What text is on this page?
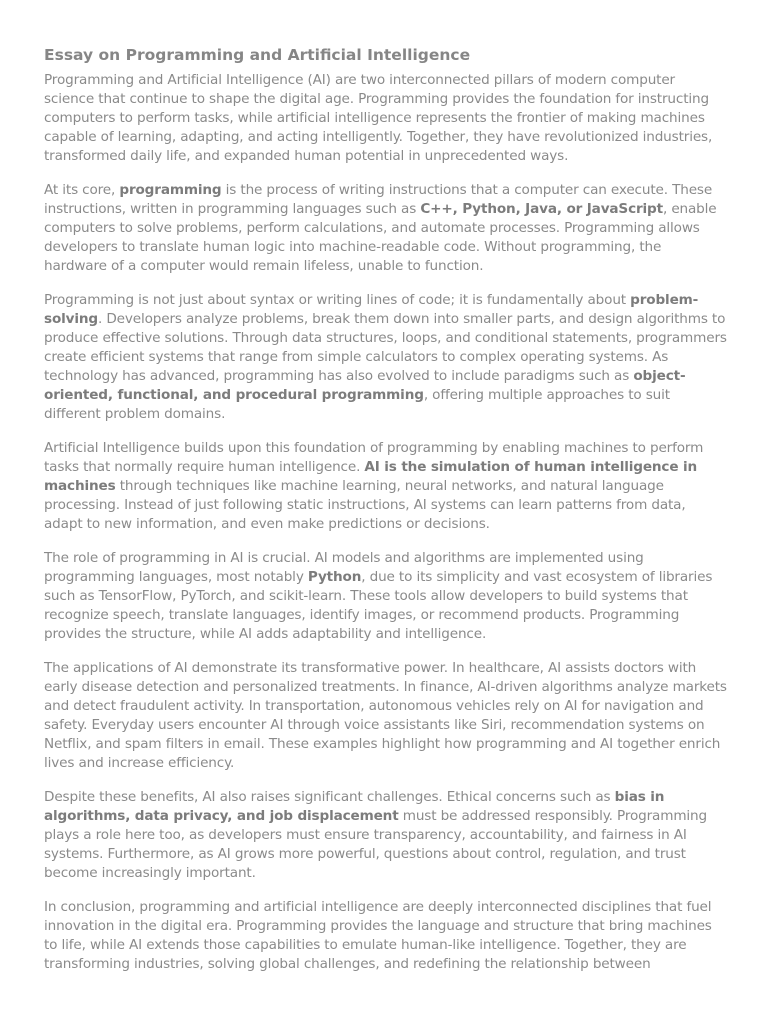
Essay on Programming and Artificial Intelligence

Programming and Artificial Intelligence (AI) are two interconnected pillars of modern computer science that continue to shape the digital age. Programming provides the foundation for instructing computers to perform tasks, while artificial intelligence represents the frontier of making machines capable of learning, adapting, and acting intelligently. Together, they have revolutionized industries, transformed daily life, and expanded human potential in unprecedented ways.

At its core, programming is the process of writing instructions that a computer can execute. These instructions, written in programming languages such as C++, Python, Java, or JavaScript, enable computers to solve problems, perform calculations, and automate processes. Programming allows developers to translate human logic into machine-readable code. Without programming, the hardware of a computer would remain lifeless, unable to function.

Programming is not just about syntax or writing lines of code; it is fundamentally about problem-solving. Developers analyze problems, break them down into smaller parts, and design algorithms to produce effective solutions. Through data structures, loops, and conditional statements, programmers create efficient systems that range from simple calculators to complex operating systems. As technology has advanced, programming has also evolved to include paradigms such as object-oriented, functional, and procedural programming, offering multiple approaches to suit different problem domains.

Artificial Intelligence builds upon this foundation of programming by enabling machines to perform tasks that normally require human intelligence. AI is the simulation of human intelligence in machines through techniques like machine learning, neural networks, and natural language processing. Instead of just following static instructions, AI systems can learn patterns from data, adapt to new information, and even make predictions or decisions.

The role of programming in AI is crucial. AI models and algorithms are implemented using programming languages, most notably Python, due to its simplicity and vast ecosystem of libraries such as TensorFlow, PyTorch, and scikit-learn. These tools allow developers to build systems that recognize speech, translate languages, identify images, or recommend products. Programming provides the structure, while AI adds adaptability and intelligence.

The applications of AI demonstrate its transformative power. In healthcare, AI assists doctors with early disease detection and personalized treatments. In finance, AI-driven algorithms analyze markets and detect fraudulent activity. In transportation, autonomous vehicles rely on AI for navigation and safety. Everyday users encounter AI through voice assistants like Siri, recommendation systems on Netflix, and spam filters in email. These examples highlight how programming and AI together enrich lives and increase efficiency.

Despite these benefits, AI also raises significant challenges. Ethical concerns such as bias in algorithms, data privacy, and job displacement must be addressed responsibly. Programming plays a role here too, as developers must ensure transparency, accountability, and fairness in AI systems. Furthermore, as AI grows more powerful, questions about control, regulation, and trust become increasingly important.

In conclusion, programming and artificial intelligence are deeply interconnected disciplines that fuel innovation in the digital era. Programming provides the language and structure that bring machines to life, while AI extends those capabilities to emulate human-like intelligence. Together, they are transforming industries, solving global challenges, and redefining the relationship between
